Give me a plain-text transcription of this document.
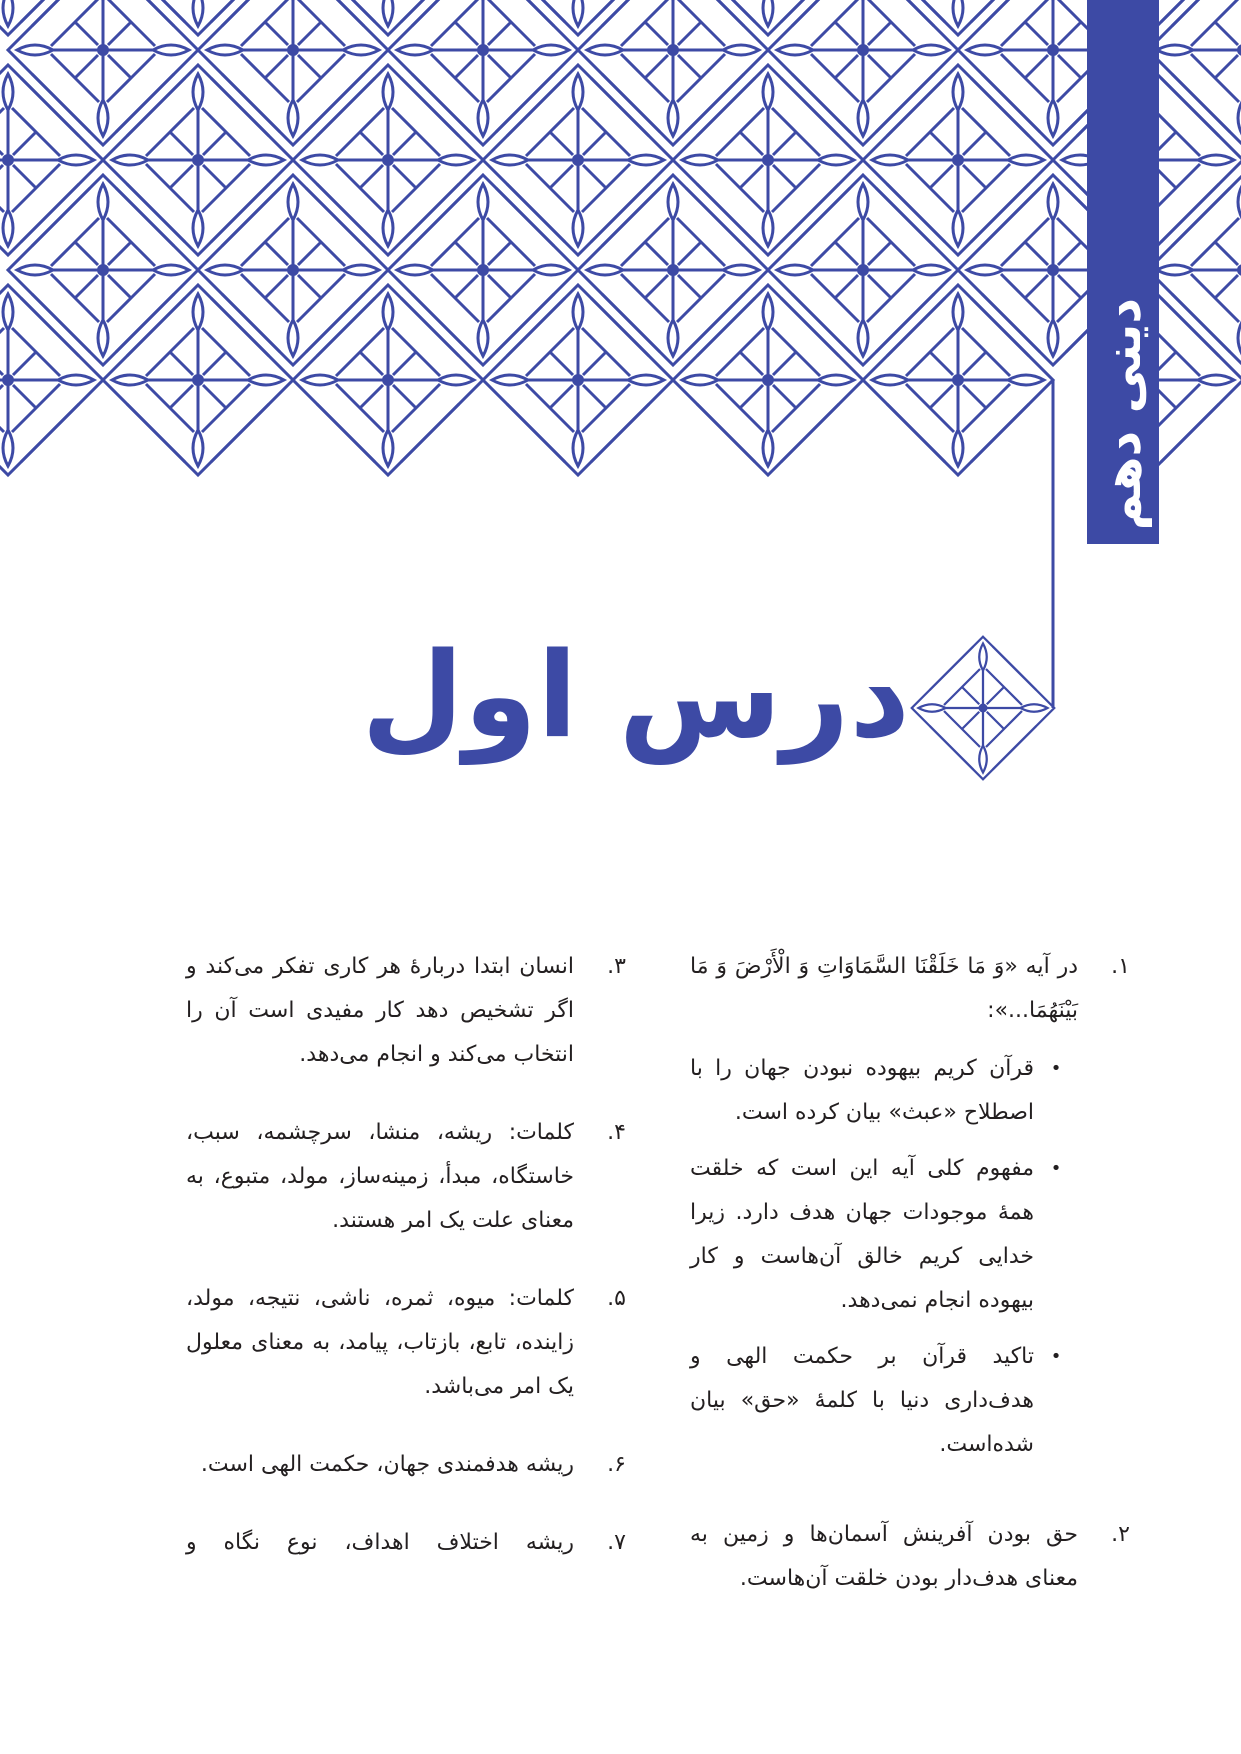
دینی دهم
درس اول
۱.
در آیه «وَ مَا خَلَقْنَا السَّمَاوَاتِ وَ الْأَرْضَ وَ مَا بَیْنَهُمَا...»:
•
قرآن کریم بیهوده نبودن جهان را با اصطلاح «عبث» بیان کرده است.
•
مفهوم کلی آیه این است که خلقت همهٔ موجودات جهان هدف دارد. زیرا خدایی کریم خالق آن‌هاست و کار بیهوده انجام نمی‌دهد.
•
تاکید قرآن بر حکمت الهی و هدف‌داری دنیا با کلمهٔ «حق» بیان شده‌است.
۲.
حق بودن آفرینش آسمان‌ها و زمین به معنای هدف‌دار بودن خلقت آن‌هاست.
۳.
انسان ابتدا دربارهٔ هر کاری تفکر می‌کند و اگر تشخیص دهد کار مفیدی است آن را انتخاب می‌کند و انجام می‌دهد.
۴.
کلمات: ریشه، منشا، سرچشمه، سبب، خاستگاه، مبدأ، زمینه‌ساز، مولد، متبوع، به معنای علت یک امر هستند.
۵.
کلمات: میوه، ثمره، ناشی، نتیجه، مولد، زاینده، تابع، بازتاب، پیامد، به معنای معلول یک امر می‌باشد.
۶.
ریشه هدفمندی جهان، حکمت الهی است.
۷.
ریشه اختلاف اهداف، نوع نگاه و
